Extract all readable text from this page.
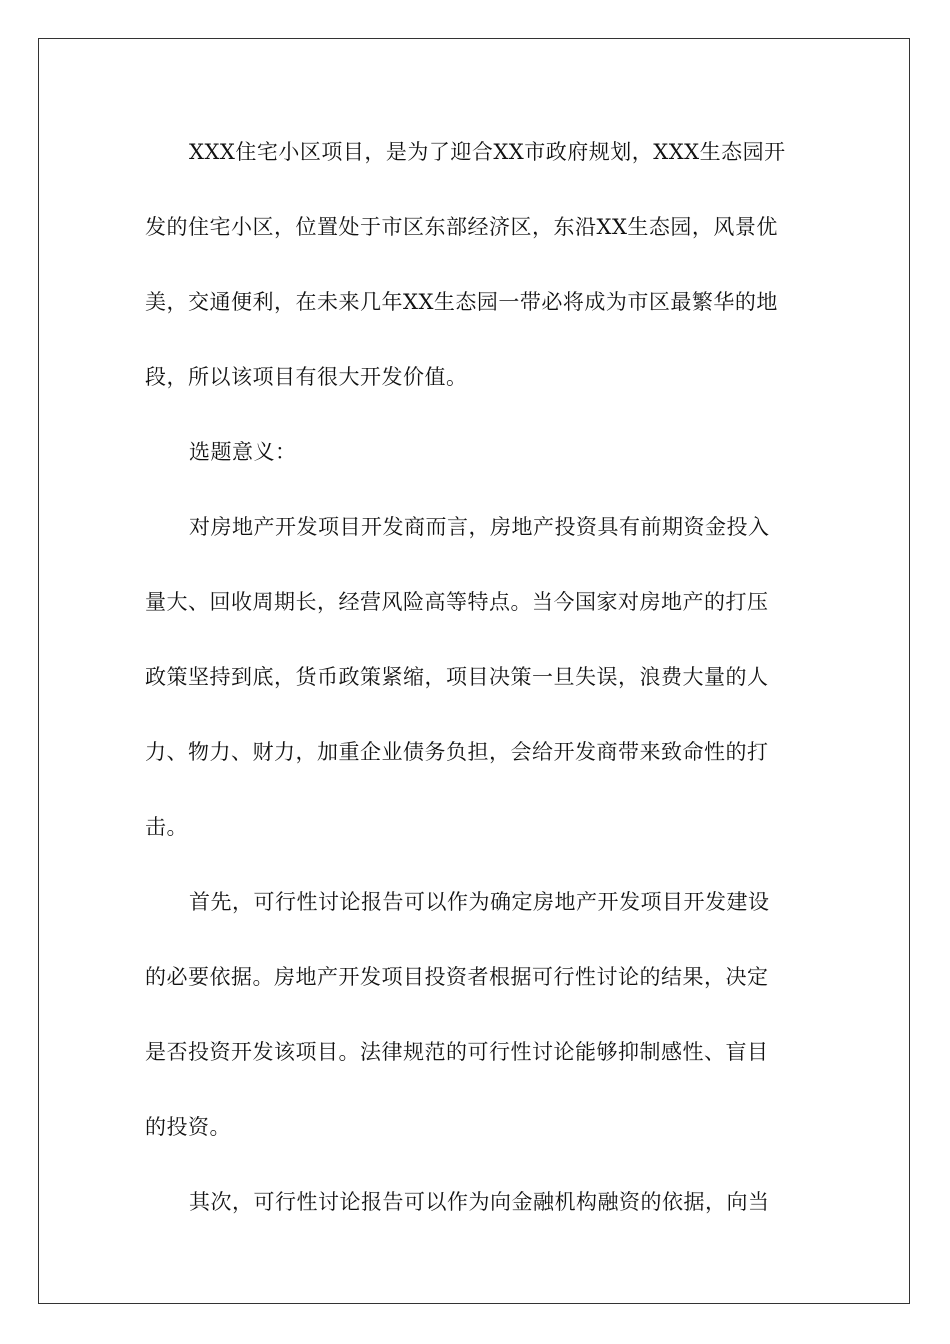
XXX住宅小区项目，是为了迎合XX市政府规划，XXX生态园开

发的住宅小区，位置处于市区东部经济区，东沿XX生态园，风景优

美，交通便利，在未来几年XX生态园一带必将成为市区最繁华的地

段，所以该项目有很大开发价值。

选题意义：

对房地产开发项目开发商而言，房地产投资具有前期资金投入

量大、回收周期长，经营风险高等特点。当今国家对房地产的打压

政策坚持到底，货币政策紧缩，项目决策一旦失误，浪费大量的人

力、物力、财力，加重企业债务负担，会给开发商带来致命性的打

击。

首先，可行性讨论报告可以作为确定房地产开发项目开发建设

的必要依据。房地产开发项目投资者根据可行性讨论的结果，决定

是否投资开发该项目。法律规范的可行性讨论能够抑制感性、盲目

的投资。

其次，可行性讨论报告可以作为向金融机构融资的依据，向当
